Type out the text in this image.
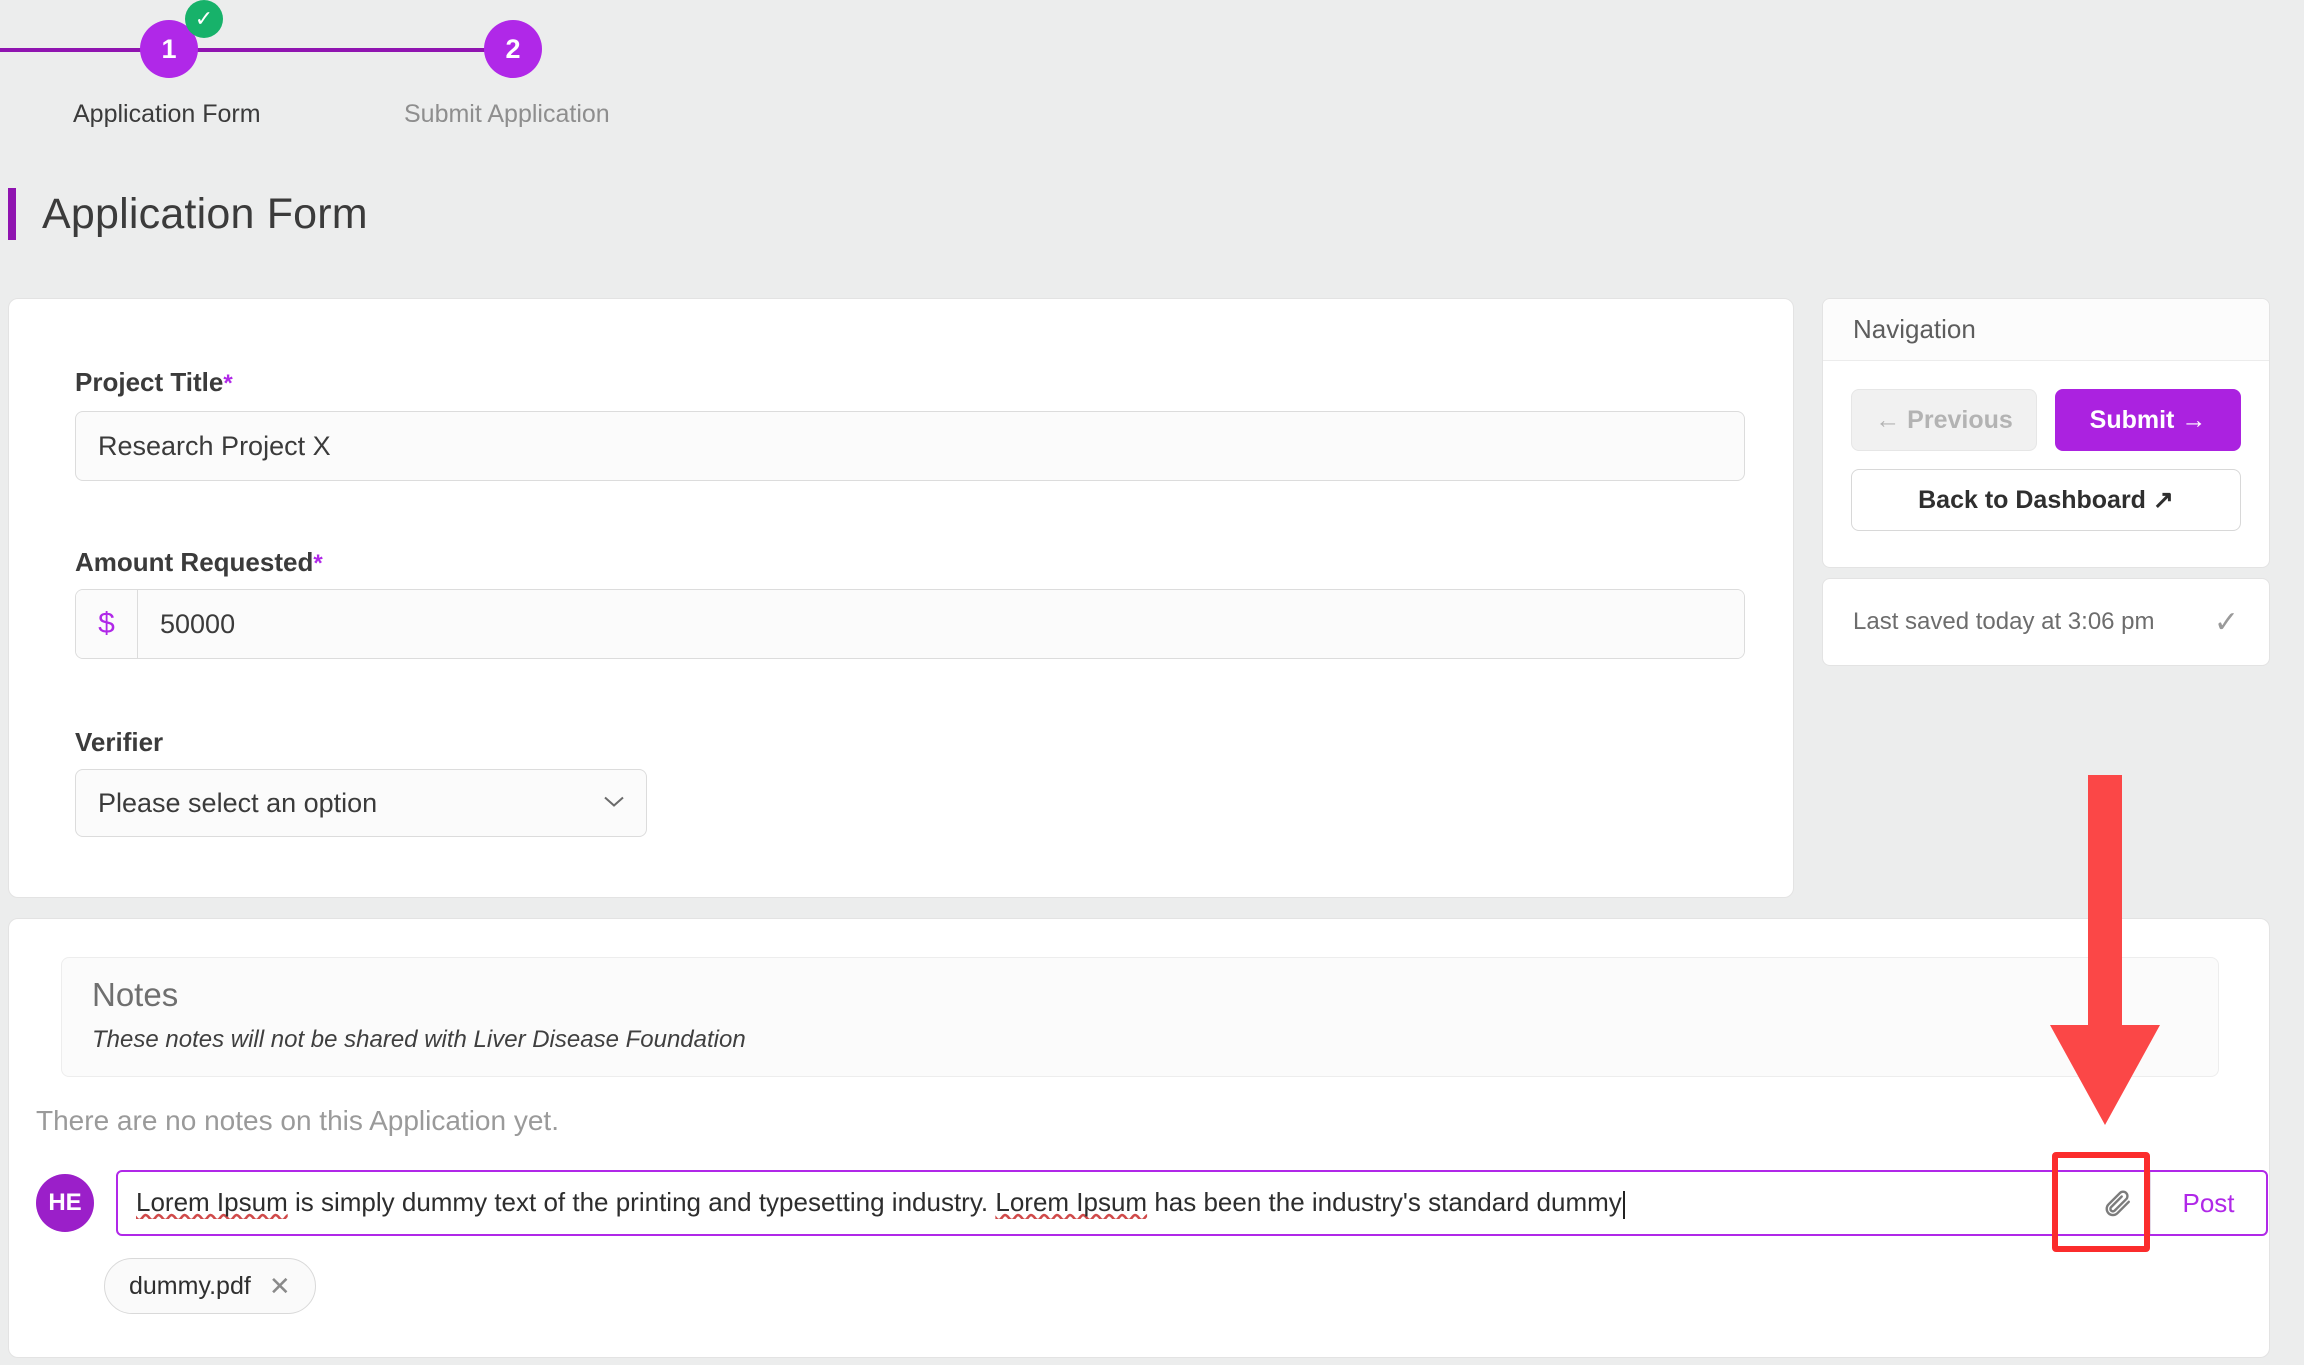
1
✓
2
Application Form	Submit Application
Application Form
Project Title*
Research Project X
Amount Requested*
$
50000
Verifier
Please select an option
Navigation
← Previous	Submit →
Back to Dashboard ↗
Last saved today at 3:06 pm ✓
Notes
These notes will not be shared with Liver Disease Foundation
There are no notes on this Application yet.
HE	Lorem Ipsum is simply dummy text of the printing and typesetting industry. Lorem Ipsum has been the industry's standard dummy	Post
dummy.pdf ✕
